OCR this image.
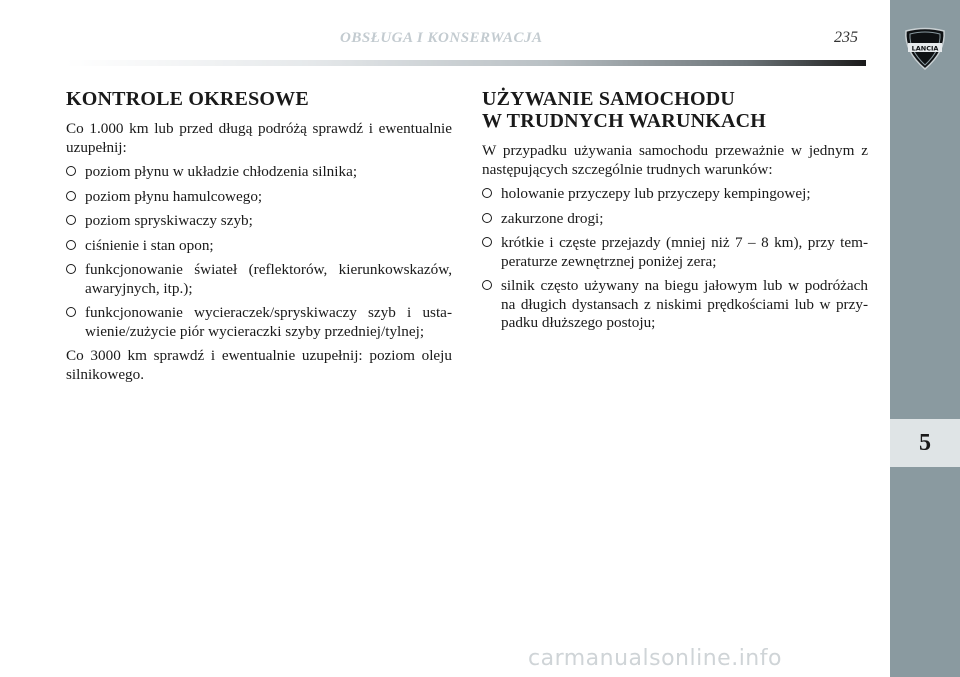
OBSŁUGA I KONSERWACJA	235
KONTROLE OKRESOWE

Co 1.000 km lub przed długą podróżą sprawdź i ewentualnie uzupełnij:

poziom płynu w układzie chłodzenia silnika;
poziom płynu hamulcowego;
poziom spryskiwaczy szyb;
ciśnienie i stan opon;
funkcjonowanie świateł (reflektorów, kierunkowskazów, awaryjnych, itp.);
funkcjonowanie wycieraczek/spryskiwaczy szyb i ustawienie/zużycie piór wycieraczki szyby przedniej/tylnej;

Co 3000 km sprawdź i ewentualnie uzupełnij: poziom oleju silnikowego.

UŻYWANIE SAMOCHODU
W TRUDNYCH WARUNKACH

W przypadku używania samochodu przeważnie w jednym z następujących szczególnie trudnych warunków:

holowanie przyczepy lub przyczepy kempingowej;
zakurzone drogi;
krótkie i częste przejazdy (mniej niż 7 – 8 km), przy temperaturze zewnętrznej poniżej zera;
silnik często używany na biegu jałowym lub w podróżach na długich dystansach z niskimi prędkościami lub w przypadku dłuższego postoju;
carmanualsonline.info
LANCIA
5
